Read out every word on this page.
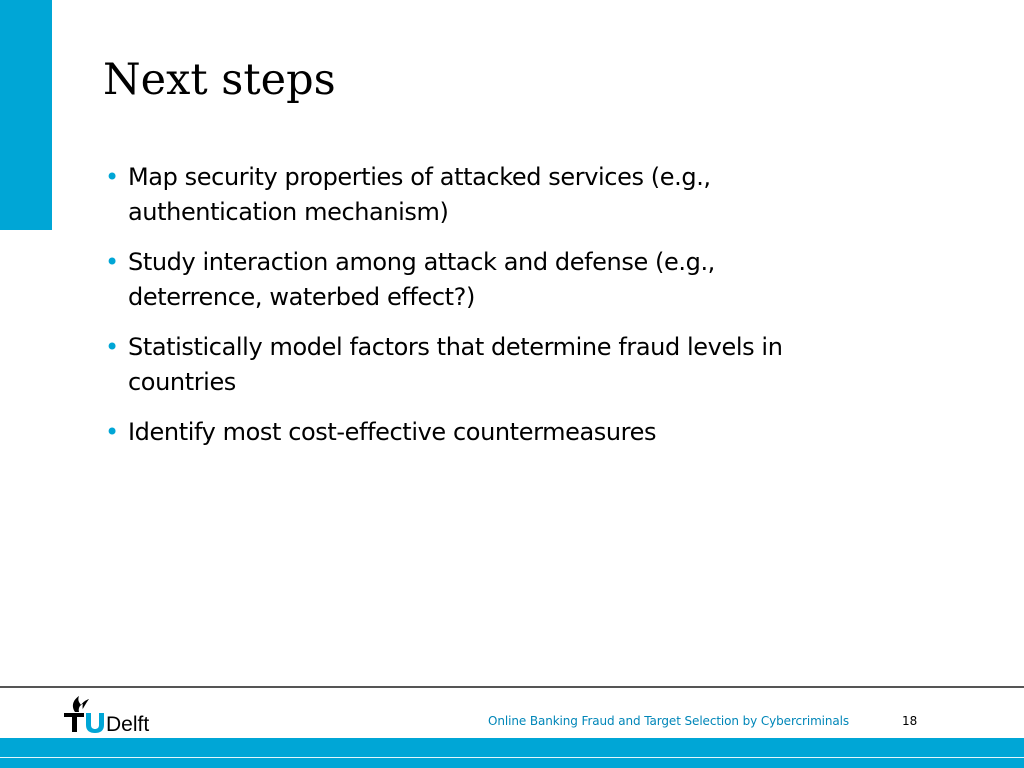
Next steps
• Map security properties of attacked services (e.g., authentication mechanism)
• Study interaction among attack and defense (e.g., deterrence, waterbed effect?)
• Statistically model factors that determine fraud levels in countries
• Identify most cost-effective countermeasures
Delft	Online Banking Fraud and Target Selection by Cybercriminals	18
